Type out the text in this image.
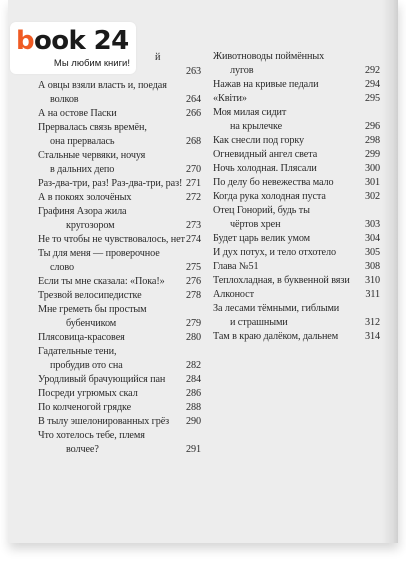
й
263
А овцы взяли власть и, поедая
волков	264
А на остове Паски	266
Прервалась связь времён,
она прервалась	268
Стальные червяки, ночуя
в дальних депо	270
Раз-два-три, раз! Раз-два-три, раз! 271
А в покоях золочёных	272
Графиня Азора жила
кругозором	273
Не то чтобы не чувствовалось, нет 274
Ты для меня — проверочное
слово	275
Если ты мне сказала: «Пока!» 276
Трезвой велосипедистке	278
Мне греметь бы простым
бубенчиком	279
Плясовица-красовея	280
Гадательные тени,
пробудив ото сна	282
Уродливый брачующийся пан 284
Посреди угрюмых скал	286
По колченогой грядке	288
В тылу эшелонированных грёз 290
Что хотелось тебе, племя
волчее?	291
Животноводы поймённых
лугов	292
Нажав на кривые педали	294
«Квіти»	295
Моя милая сидит
на крылечке	296
Как снесли под горку	298
Огневидный ангел света	299
Ночь холодная. Плясали	300
По делу бо невежества мало	301
Когда рука холодная пуста	302
Отец Гонорий, будь ты
чёртов хрен	303
Будет царь велик умом	304
И дух потух, и тело отхотело	305
Глава №51	308
Теплохладная, в буквенной вязи 310
Алконост	311
За лесами тёмными, гиблыми
и страшными	312
Там в краю далёком, дальнем	314
book 24
Мы любим книги!
